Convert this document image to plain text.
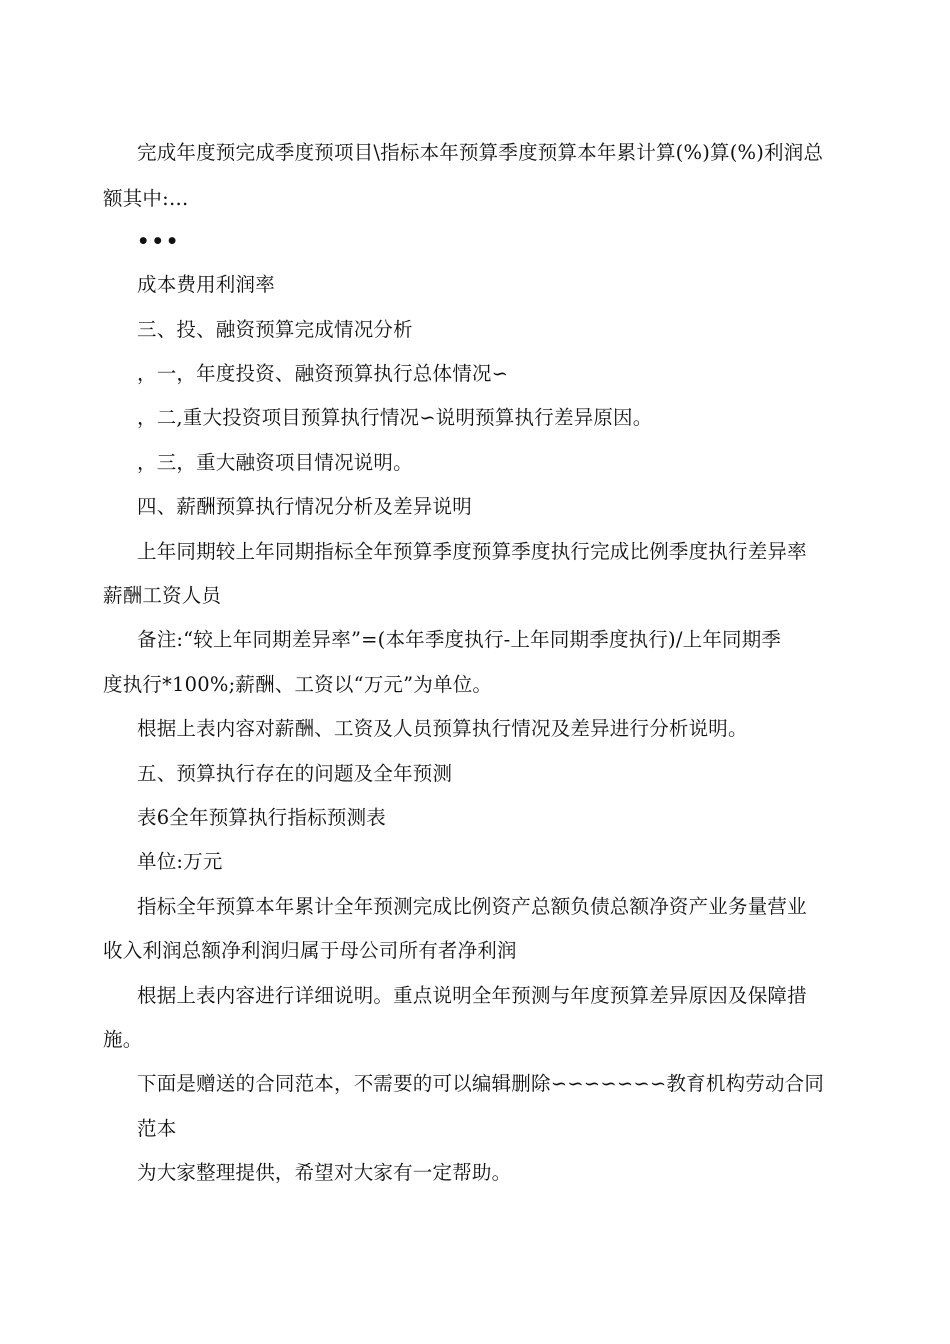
完成年度预完成季度预项目\指标本年预算季度预算本年累计算(%)算(%)利润总
额其中:…
•••
成本费用利润率
三、投、融资预算完成情况分析
，一，年度投资、融资预算执行总体情况∽
，二,重大投资项目预算执行情况∽说明预算执行差异原因。
，三，重大融资项目情况说明。
四、薪酬预算执行情况分析及差异说明
上年同期较上年同期指标全年预算季度预算季度执行完成比例季度执行差异率
薪酬工资人员
备注:“较上年同期差异率”=(本年季度执行-上年同期季度执行)/上年同期季
度执行*100%;薪酬、工资以“万元”为单位。
根据上表内容对薪酬、工资及人员预算执行情况及差异进行分析说明。
五、预算执行存在的问题及全年预测
表6全年预算执行指标预测表
单位:万元
指标全年预算本年累计全年预测完成比例资产总额负债总额净资产业务量营业
收入利润总额净利润归属于母公司所有者净利润
根据上表内容进行详细说明。重点说明全年预测与年度预算差异原因及保障措
施。
下面是赠送的合同范本，不需要的可以编辑删除∽∽∽∽∽∽∽教育机构劳动合同
范本
为大家整理提供，希望对大家有一定帮助。
